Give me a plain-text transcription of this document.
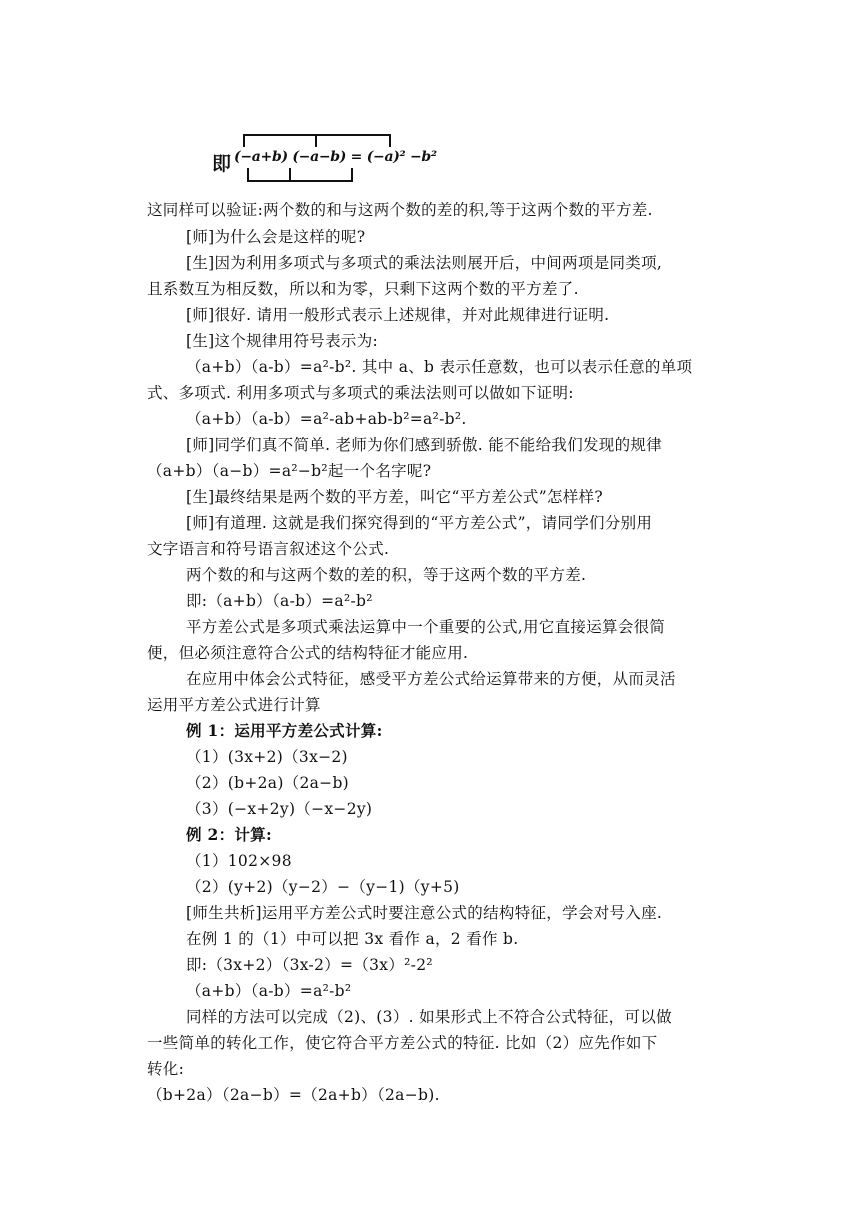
即 (−a+b) (−a−b) = (−a)² −b²
这同样可以验证:两个数的和与这两个数的差的积,等于这两个数的平方差.
[师]为什么会是这样的呢?
[生]因为利用多项式与多项式的乘法法则展开后，中间两项是同类项,
且系数互为相反数，所以和为零，只剩下这两个数的平方差了.
[师]很好. 请用一般形式表示上述规律，并对此规律进行证明.
[生]这个规律用符号表示为:
（a+b）（a-b）=a²-b². 其中 a、b 表示任意数，也可以表示任意的单项
式、多项式. 利用多项式与多项式的乘法法则可以做如下证明:
（a+b）（a-b）=a²-ab+ab-b²=a²-b².
[师]同学们真不简单. 老师为你们感到骄傲. 能不能给我们发现的规律
（a+b）（a−b）=a²−b²起一个名字呢?
[生]最终结果是两个数的平方差，叫它“平方差公式”怎样样?
[师]有道理. 这就是我们探究得到的“平方差公式”，请同学们分别用
文字语言和符号语言叙述这个公式.
两个数的和与这两个数的差的积，等于这两个数的平方差.
即:（a+b）（a-b）=a²-b²
平方差公式是多项式乘法运算中一个重要的公式,用它直接运算会很简
便，但必须注意符合公式的结构特征才能应用.
在应用中体会公式特征，感受平方差公式给运算带来的方便，从而灵活
运用平方差公式进行计算
例 1：运用平方差公式计算:
（1）(3x+2)（3x−2)
（2）(b+2a)（2a−b)
（3）(−x+2y)（−x−2y)
例 2：计算:
（1）102×98
（2）(y+2)（y−2）−（y−1)（y+5)
[师生共析]运用平方差公式时要注意公式的结构特征，学会对号入座.
在例 1 的（1）中可以把 3x 看作 a，2 看作 b.
即:（3x+2）（3x-2）=（3x）²-2²
（a+b）（a-b）=a²-b²
同样的方法可以完成（2)、(3）. 如果形式上不符合公式特征，可以做
一些简单的转化工作，使它符合平方差公式的特征. 比如（2）应先作如下
转化:
（b+2a）（2a−b）=（2a+b）（2a−b).
